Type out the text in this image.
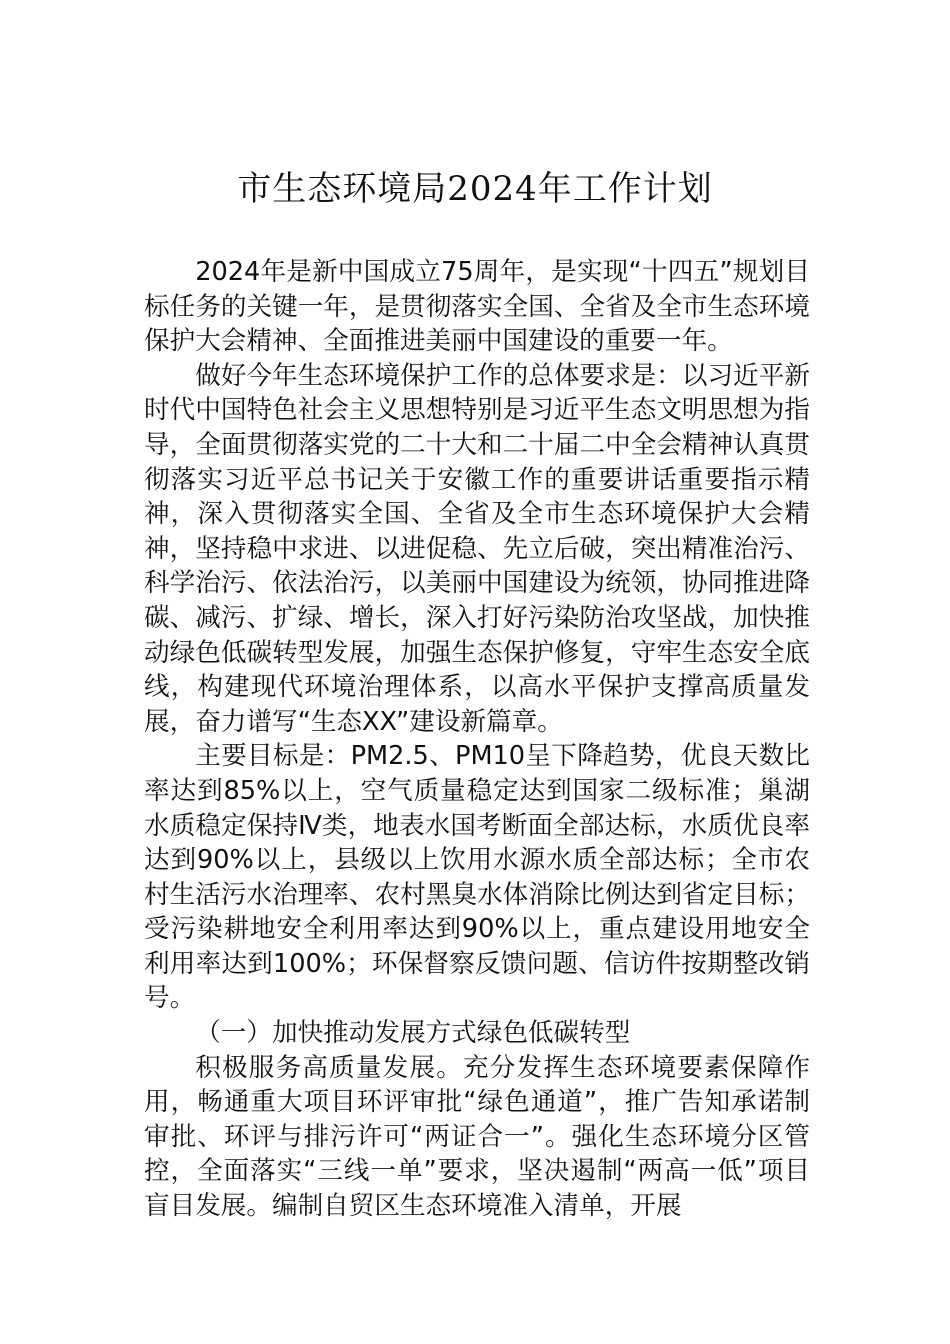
市生态环境局2024年工作计划

2024年是新中国成立75周年，是实现“十四五”规划目标任务的关键一年，是贯彻落实全国、全省及全市生态环境保护大会精神、全面推进美丽中国建设的重要一年。

做好今年生态环境保护工作的总体要求是：以习近平新时代中国特色社会主义思想特别是习近平生态文明思想为指导，全面贯彻落实党的二十大和二十届二中全会精神认真贯彻落实习近平总书记关于安徽工作的重要讲话重要指示精神，深入贯彻落实全国、全省及全市生态环境保护大会精神，坚持稳中求进、以进促稳、先立后破，突出精准治污、科学治污、依法治污，以美丽中国建设为统领，协同推进降碳、减污、扩绿、增长，深入打好污染防治攻坚战，加快推动绿色低碳转型发展，加强生态保护修复，守牢生态安全底线，构建现代环境治理体系，以高水平保护支撑高质量发展，奋力谱写“生态XX”建设新篇章。

主要目标是：PM2.5、PM10呈下降趋势，优良天数比率达到85%以上，空气质量稳定达到国家二级标准；巢湖水质稳定保持Ⅳ类，地表水国考断面全部达标，水质优良率达到90%以上，县级以上饮用水源水质全部达标；全市农村生活污水治理率、农村黑臭水体消除比例达到省定目标；受污染耕地安全利用率达到90%以上，重点建设用地安全利用率达到100%；环保督察反馈问题、信访件按期整改销号。

（一）加快推动发展方式绿色低碳转型

积极服务高质量发展。充分发挥生态环境要素保障作用，畅通重大项目环评审批“绿色通道”，推广告知承诺制审批、环评与排污许可“两证合一”。强化生态环境分区管控，全面落实“三线一单”要求，坚决遏制“两高一低”项目盲目发展。编制自贸区生态环境准入清单，开展
